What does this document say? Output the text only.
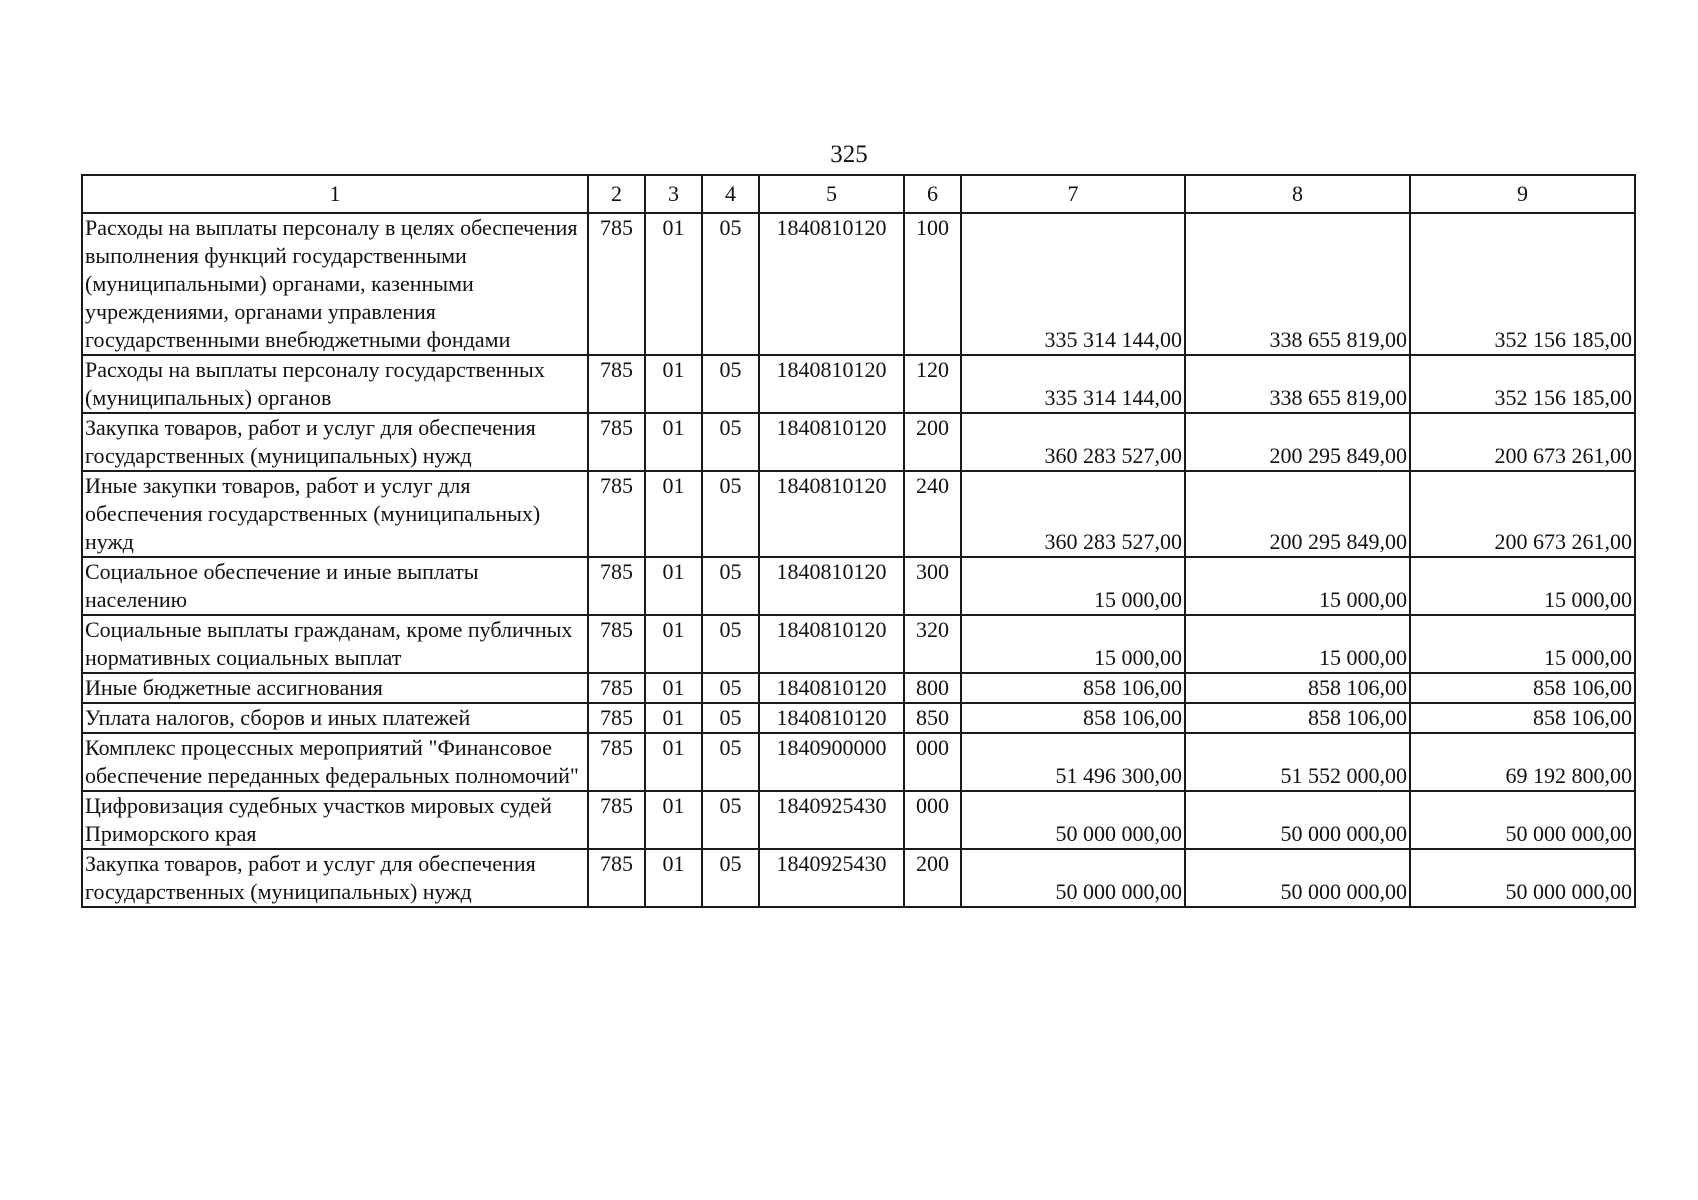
325
1	2	3	4	5	6	7	8	9
Расходы на выплаты персоналу в целях обеспечения выполнения функций государственными (муниципальными) органами, казенными учреждениями, органами управления государственными внебюджетными фондами	785	01	05	1840810120	100	335 314 144,00	338 655 819,00	352 156 185,00
Расходы на выплаты персоналу государственных (муниципальных) органов	785	01	05	1840810120	120	335 314 144,00	338 655 819,00	352 156 185,00
Закупка товаров, работ и услуг для обеспечения государственных (муниципальных) нужд	785	01	05	1840810120	200	360 283 527,00	200 295 849,00	200 673 261,00
Иные закупки товаров, работ и услуг для обеспечения государственных (муниципальных) нужд	785	01	05	1840810120	240	360 283 527,00	200 295 849,00	200 673 261,00
Социальное обеспечение и иные выплаты населению	785	01	05	1840810120	300	15 000,00	15 000,00	15 000,00
Социальные выплаты гражданам, кроме публичных нормативных социальных выплат	785	01	05	1840810120	320	15 000,00	15 000,00	15 000,00
Иные бюджетные ассигнования	785	01	05	1840810120	800	858 106,00	858 106,00	858 106,00
Уплата налогов, сборов и иных платежей	785	01	05	1840810120	850	858 106,00	858 106,00	858 106,00
Комплекс процессных мероприятий "Финансовое обеспечение переданных федеральных полномочий"	785	01	05	1840900000	000	51 496 300,00	51 552 000,00	69 192 800,00
Цифровизация судебных участков мировых судей Приморского края	785	01	05	1840925430	000	50 000 000,00	50 000 000,00	50 000 000,00
Закупка товаров, работ и услуг для обеспечения государственных (муниципальных) нужд	785	01	05	1840925430	200	50 000 000,00	50 000 000,00	50 000 000,00
